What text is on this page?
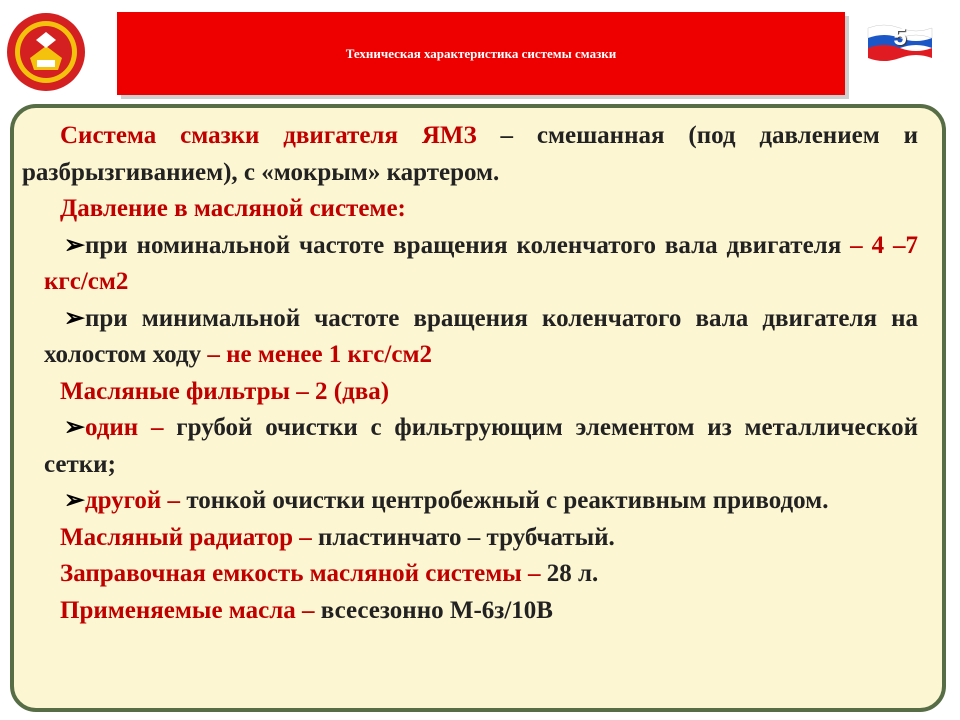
Техническая характеристика системы смазки
5

Система смазки двигателя ЯМЗ – смешанная (под давлением и разбрызгиванием), с «мокрым» картером.

Давление в масляной системе:

➢при номинальной частоте вращения коленчатого вала двигателя – 4 –7 кгс/см2

➢при минимальной частоте вращения коленчатого вала двигателя на холостом ходу – не менее 1 кгс/см2

Масляные фильтры – 2 (два)

➢один – грубой очистки с фильтрующим элементом из металлической сетки;

➢другой – тонкой очистки центробежный с реактивным приводом.

Масляный радиатор – пластинчато – трубчатый.

Заправочная емкость масляной системы – 28 л.

Применяемые масла – всесезонно М-6з/10В
